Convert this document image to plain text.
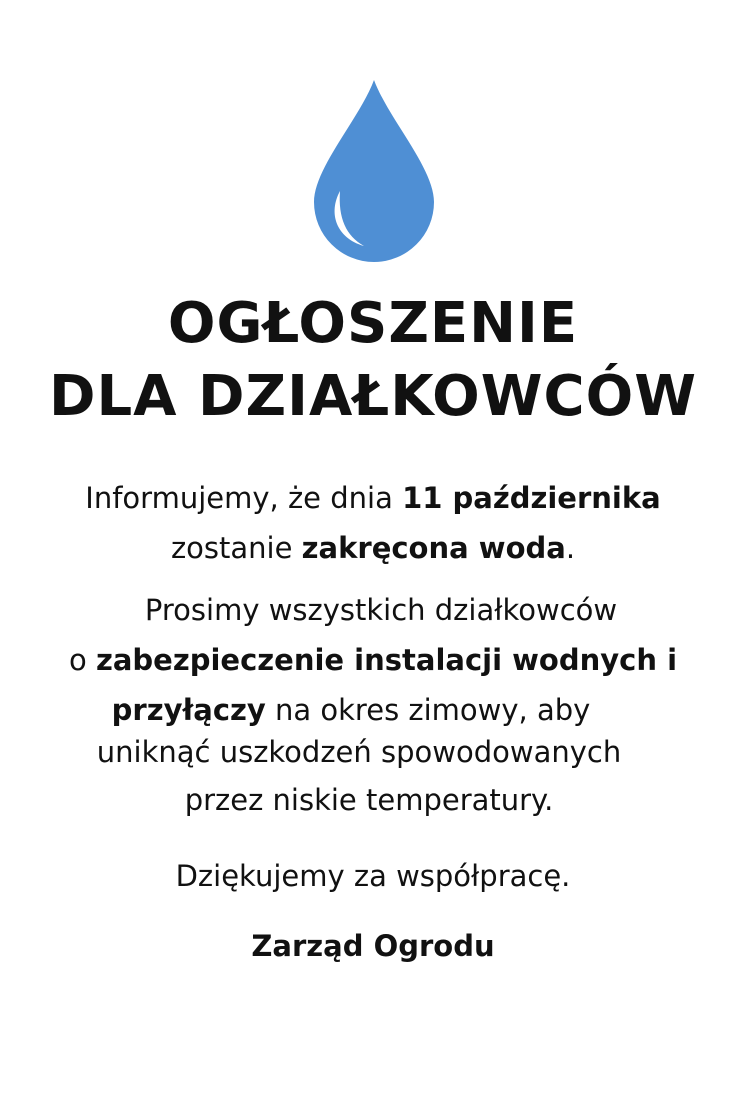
OGŁOSZENIE
DLA DZIAŁKOWCÓW
Informujemy, że dnia 11 października
zostanie zakręcona woda.
Prosimy wszystkich działkowców
o zabezpieczenie instalacji wodnych i
przyłączy na okres zimowy, aby
uniknąć uszkodzeń spowodowanych
przez niskie temperatury.
Dziękujemy za współpracę.
Zarząd Ogrodu
